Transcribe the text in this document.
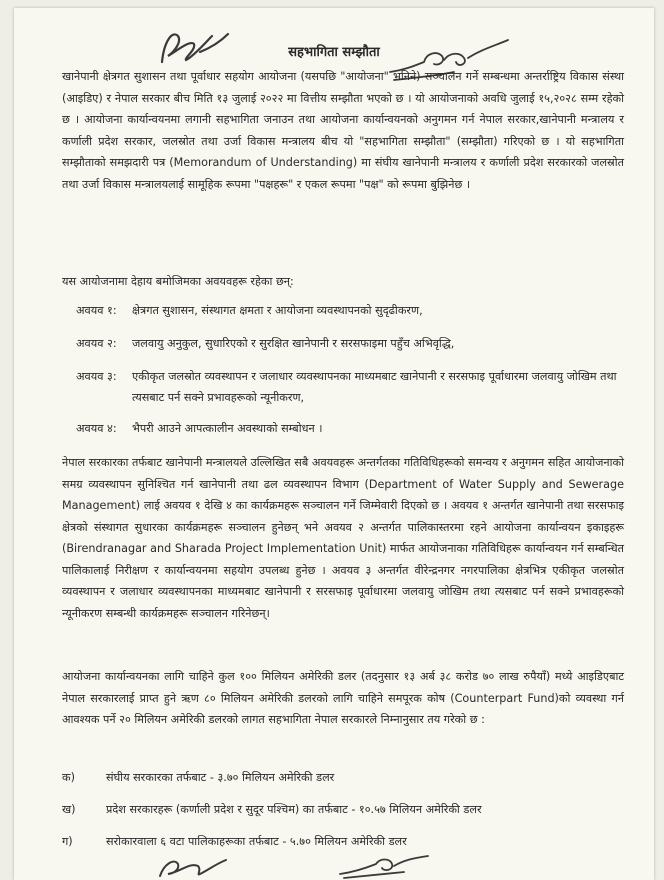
सहभागिता सम्झौता

खानेपानी क्षेत्रगत सुशासन तथा पूर्वाधार सहयोग आयोजना (यसपछि "आयोजना" भनिने) सञ्चालन गर्ने सम्बन्धमा अन्तर्राष्ट्रिय विकास संस्था (आइडिए) र नेपाल सरकार बीच मिति १३ जुलाई २०२२ मा वित्तीय सम्झौता भएको छ । यो आयोजनाको अवधि जुलाई १५,२०२८ सम्म रहेको छ । आयोजना कार्यान्वयनमा लगानी सहभागिता जनाउन तथा आयोजना कार्यान्वयनको अनुगमन गर्न नेपाल सरकार,खानेपानी मन्त्रालय र कर्णाली प्रदेश सरकार, जलस्रोत तथा उर्जा विकास मन्त्रालय बीच यो "सहभागिता सम्झौता" (सम्झौता) गरिएको छ । यो सहभागिता सम्झौताको समझदारी पत्र (Memorandum of Understanding) मा संघीय खानेपानी मन्त्रालय र कर्णाली प्रदेश सरकारको जलस्रोत तथा उर्जा विकास मन्त्रालयलाई सामूहिक रूपमा "पक्षहरू" र एकल रूपमा "पक्ष" को रूपमा बुझिनेछ ।

यस आयोजनामा देहाय बमोजिमका अवयवहरू रहेका छन्:
अवयव १:	क्षेत्रगत सुशासन, संस्थागत क्षमता र आयोजना व्यवस्थापनको सुदृढीकरण,
अवयव २:	जलवायु अनुकुल, सुधारिएको र सुरक्षित खानेपानी र सरसफाइमा पहुँच अभिवृद्धि,
अवयव ३:	एकीकृत जलस्रोत व्यवस्थापन र जलाधार व्यवस्थापनका माध्यमबाट खानेपानी र सरसफाइ पूर्वाधारमा जलवायु जोखिम तथा त्यसबाट पर्न सक्ने प्रभावहरूको न्यूनीकरण,
अवयव ४:	भैपरी आउने आपत्कालीन अवस्थाको सम्बोधन ।

नेपाल सरकारका तर्फबाट खानेपानी मन्त्रालयले उल्लिखित सबै अवयवहरू अन्तर्गतका गतिविधिहरूको समन्वय र अनुगमन सहित आयोजनाको समग्र व्यवस्थापन सुनिश्चित गर्न खानेपानी तथा ढल व्यवस्थापन विभाग (Department of Water Supply and Sewerage Management) लाई अवयव १ देखि ४ का कार्यक्रमहरू सञ्चालन गर्ने जिम्मेवारी दिएको छ । अवयव १ अन्तर्गत खानेपानी तथा सरसफाइ क्षेत्रको संस्थागत सुधारका कार्यक्रमहरू सञ्चालन हुनेछन् भने अवयव २ अन्तर्गत पालिकास्तरमा रहने आयोजना कार्यान्वयन इकाइहरू (Birendranagar and Sharada Project Implementation Unit) मार्फत आयोजनाका गतिविधिहरू कार्यान्वयन गर्न सम्बन्धित पालिकालाई निरीक्षण र कार्यान्वयनमा सहयोग उपलब्ध हुनेछ । अवयव ३ अन्तर्गत वीरेन्द्रनगर नगरपालिका क्षेत्रभित्र एकीकृत जलस्रोत व्यवस्थापन र जलाधार व्यवस्थापनका माध्यमबाट खानेपानी र सरसफाइ पूर्वाधारमा जलवायु जोखिम तथा त्यसबाट पर्न सक्ने प्रभावहरूको न्यूनीकरण सम्बन्धी कार्यक्रमहरू सञ्चालन गरिनेछन्।

आयोजना कार्यान्वयनका लागि चाहिने कुल १०० मिलियन अमेरिकी डलर (तदनुसार १३ अर्ब ३८ करोड ७० लाख रुपैयाँ) मध्ये आइडिएबाट नेपाल सरकारलाई प्राप्त हुने ऋण ८० मिलियन अमेरिकी डलरको लागि चाहिने समपूरक कोष (Counterpart Fund)को व्यवस्था गर्न आवश्यक पर्ने २० मिलियन अमेरिकी डलरको लागत सहभागिता नेपाल सरकारले निम्नानुसार तय गरेको छ :

क)	संघीय सरकारका तर्फबाट - ३.७० मिलियन अमेरिकी डलर
ख)	प्रदेश सरकारहरू (कर्णाली प्रदेश र सुदूर पश्चिम) का तर्फबाट - १०.५७ मिलियन अमेरिकी डलर
ग)	सरोकारवाला ६ वटा पालिकाहरूका तर्फबाट - ५.७० मिलियन अमेरिकी डलर
